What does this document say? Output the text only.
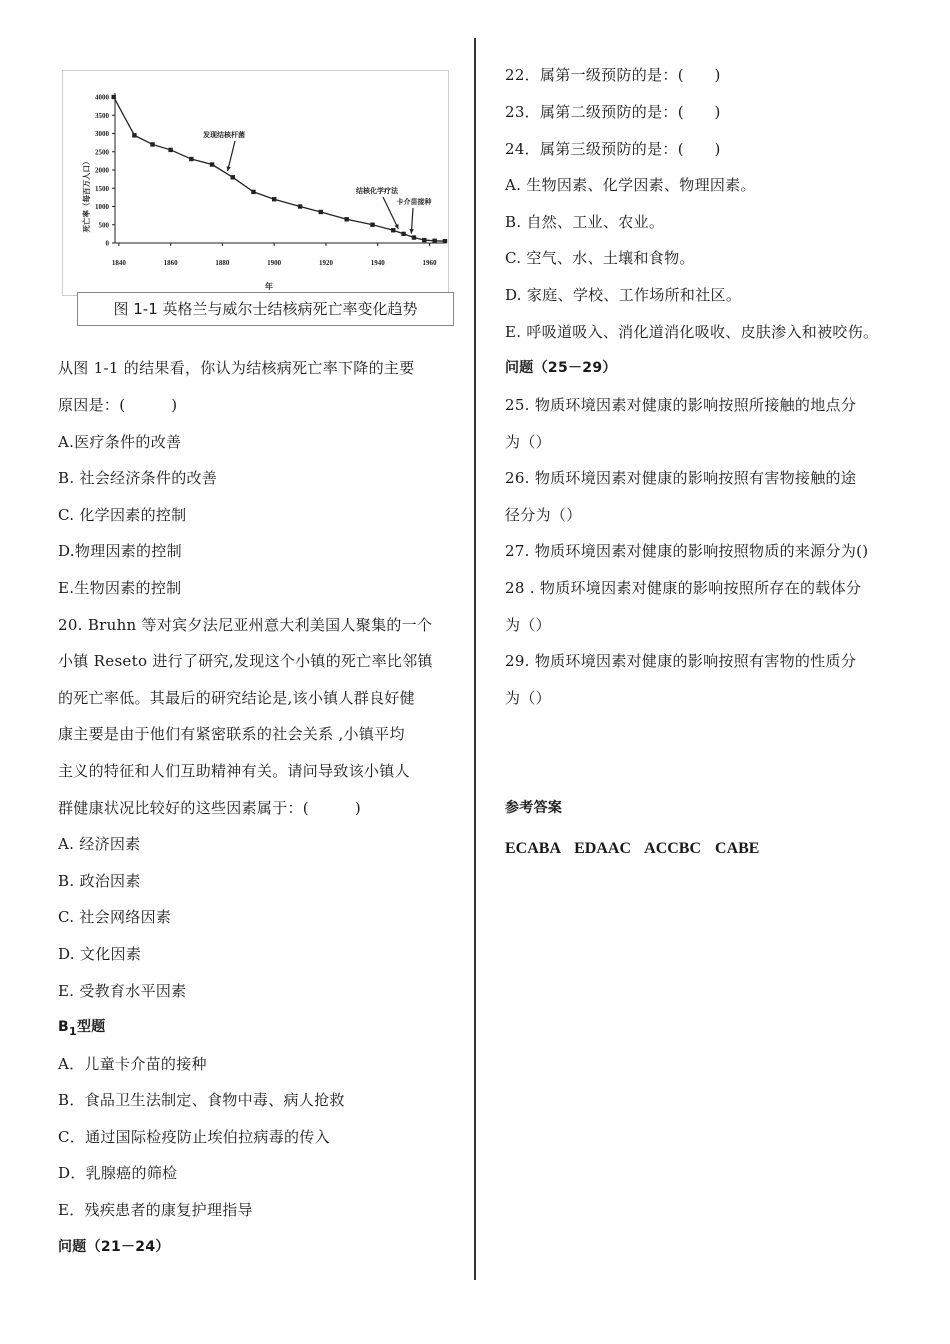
死亡率（每百万人口）
年
0
500
1000
1500
2000
2500
3000
3500
4000
1840	1860	1880	1900	1920	1940	1960
发现结核杆菌
结核化学疗法
卡介苗接种
图 1-1 英格兰与威尔士结核病死亡率变化趋势
从图 1-1 的结果看，你认为结核病死亡率下降的主要
原因是：(　　　)
A.医疗条件的改善
B. 社会经济条件的改善
C. 化学因素的控制
D.物理因素的控制
E.生物因素的控制
20. Bruhn 等对宾夕法尼亚州意大利美国人聚集的一个
小镇 Reseto 进行了研究,发现这个小镇的死亡率比邻镇
的死亡率低。其最后的研究结论是,该小镇人群良好健
康主要是由于他们有紧密联系的社会关系 ,小镇平均
主义的特征和人们互助精神有关。请问导致该小镇人
群健康状况比较好的这些因素属于：(　　　)
A. 经济因素
B. 政治因素
C. 社会网络因素
D. 文化因素
E. 受教育水平因素
$B_1$型题
A．儿童卡介苗的接种
B．食品卫生法制定、食物中毒、病人抢救
C．通过国际检疫防止埃伯拉病毒的传入
D．乳腺癌的筛检
E．残疾患者的康复护理指导
问题（21－24）
22．属第一级预防的是：(　　)
23．属第二级预防的是：(　　)
24．属第三级预防的是：(　　)
A. 生物因素、化学因素、物理因素。
B. 自然、工业、农业。
C. 空气、水、土壤和食物。
D. 家庭、学校、工作场所和社区。
E. 呼吸道吸入、消化道消化吸收、皮肤渗入和被咬伤。
问题（25－29）
25. 物质环境因素对健康的影响按照所接触的地点分
为（）
26. 物质环境因素对健康的影响按照有害物接触的途
径分为（）
27. 物质环境因素对健康的影响按照物质的来源分为()
28 . 物质环境因素对健康的影响按照所存在的载体分
为（）
29. 物质环境因素对健康的影响按照有害物的性质分
为（）
参考答案
ECABA EDAAC ACCBC CABE
